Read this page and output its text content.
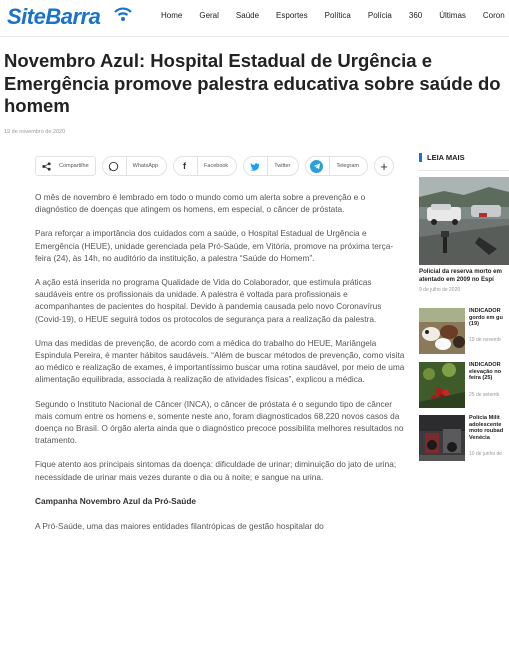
SiteBarra	Home Geral Saúde Esportes Política Polícia 360 Últimas Coron
Novembro Azul: Hospital Estadual de Urgência e Emergência promove palestra educativa sobre saúde do homem
19 de novembro de 2020
Compartilhe	WhatsApp	f	Facebook	Twitter	Telegram	+

O mês de novembro é lembrado em todo o mundo como um alerta sobre a prevenção e o diagnóstico de doenças que atingem os homens, em especial, o câncer de próstata.

Para reforçar a importância dos cuidados com a saúde, o Hospital Estadual de Urgência e Emergência (HEUE), unidade gerenciada pela Pró-Saúde, em Vitória, promove na próxima terça-feira (24), às 14h, no auditório da instituição, a palestra “Saúde do Homem”.

A ação está inserida no programa Qualidade de Vida do Colaborador, que estimula práticas saudáveis entre os profissionais da unidade. A palestra é voltada para profissionais e acompanhantes de pacientes do hospital. Devido à pandemia causada pelo novo Coronavírus (Covid-19), o HEUE seguirá todos os protocolos de segurança para a realização da palestra.

Uma das medidas de prevenção, de acordo com a médica do trabalho do HEUE, Mariângela Espindula Pereira, é manter hábitos saudáveis. “Além de buscar métodos de prevenção, como visita ao médico e realização de exames, é importantíssimo buscar uma rotina saudável, por meio de uma alimentação equilibrada, associada à realização de atividades físicas”, explicou a médica.

Segundo o Instituto Nacional de Câncer (INCA), o câncer de próstata é o segundo tipo de câncer mais comum entre os homens e, somente neste ano, foram diagnosticados 68.220 novos casos da doença no Brasil. O órgão alerta ainda que o diagnóstico precoce possibilita melhores resultados no tratamento.

Fique atento aos principais sintomas da doença: dificuldade de urinar; diminuição do jato de urina; necessidade de urinar mais vezes durante o dia ou à noite; e sangue na urina.

Campanha Novembro Azul da Pró-Saúde

A Pró-Saúde, uma das maiores entidades filantrópicas de gestão hospitalar do

LEIA MAIS
Policial da reserva morto em atentado em 2009 no Espí
9 de julho de 2020
INDICADOR gordo em gu (19)
19 de novemb
INDICADOR elevação no feira (25)
25 de setemb
Polícia Milit adolescente moto roubad Venécia
10 de junho de
